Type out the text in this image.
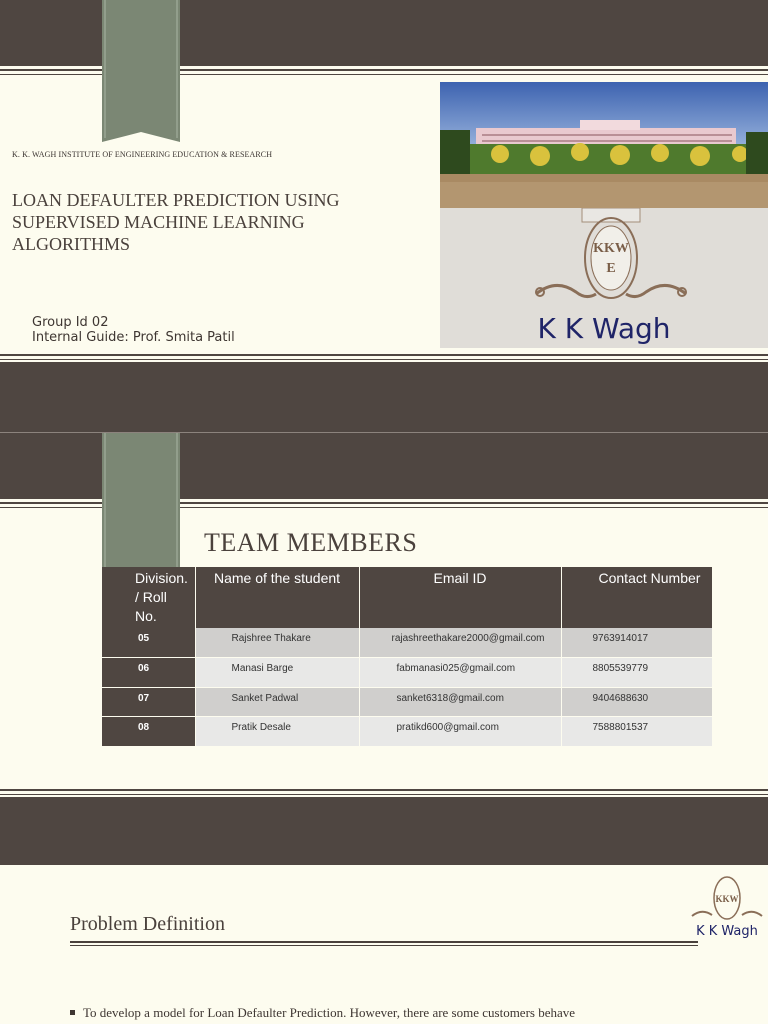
K. K. WAGH INSTITUTE OF ENGINEERING EDUCATION & RESEARCH
LOAN DEFAULTER PREDICTION USING SUPERVISED MACHINE LEARNING ALGORITHMS
Group Id 02
Internal Guide: Prof. Smita Patil
KKW
E
K K Wagh
TEAM MEMBERS
Division. / Roll No.	Name of the student	Email ID	Contact Number
05	Rajshree Thakare	rajashreethakare2000@gmail.com	9763914017
06	Manasi Barge	fabmanasi025@gmail.com	8805539779
07	Sanket Padwal	sanket6318@gmail.com	9404688630
08	Pratik Desale	pratikd600@gmail.com	7588801537
Problem Definition
KKW
K K Wagh
To develop a model for Loan Defaulter Prediction. However, there are some customers behave
